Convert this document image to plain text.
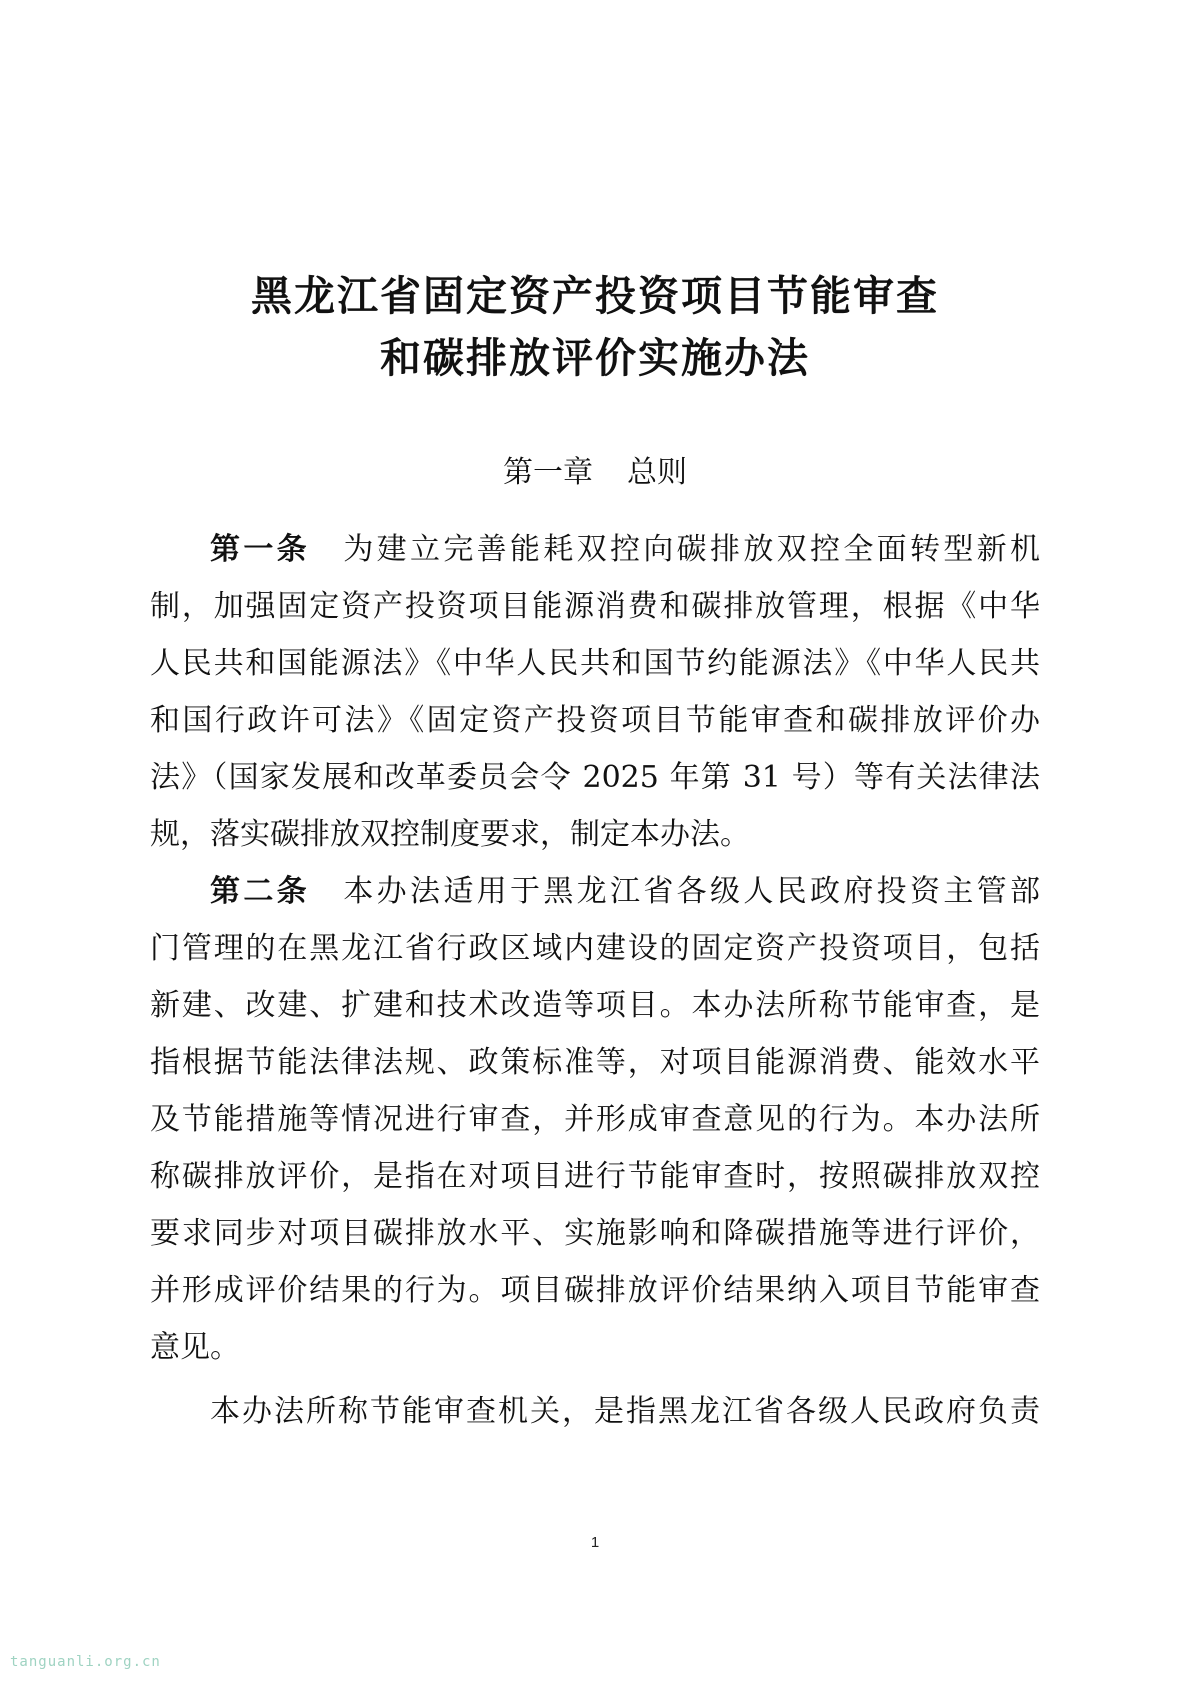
黑龙江省固定资产投资项目节能审查
和碳排放评价实施办法
第一章 总则
第一条 为建立完善能耗双控向碳排放双控全面转型新机
制，加强固定资产投资项目能源消费和碳排放管理，根据《中华
人民共和国能源法》《中华人民共和国节约能源法》《中华人民共
和国行政许可法》《固定资产投资项目节能审查和碳排放评价办
法》（国家发展和改革委员会令 2025 年第 31 号）等有关法律法
规，落实碳排放双控制度要求，制定本办法。
第二条 本办法适用于黑龙江省各级人民政府投资主管部
门管理的在黑龙江省行政区域内建设的固定资产投资项目，包括
新建、改建、扩建和技术改造等项目。本办法所称节能审查，是
指根据节能法律法规、政策标准等，对项目能源消费、能效水平
及节能措施等情况进行审查，并形成审查意见的行为。本办法所
称碳排放评价，是指在对项目进行节能审查时，按照碳排放双控
要求同步对项目碳排放水平、实施影响和降碳措施等进行评价，
并形成评价结果的行为。项目碳排放评价结果纳入项目节能审查
意见。
本办法所称节能审查机关，是指黑龙江省各级人民政府负责
1
tanguanli.org.cn
